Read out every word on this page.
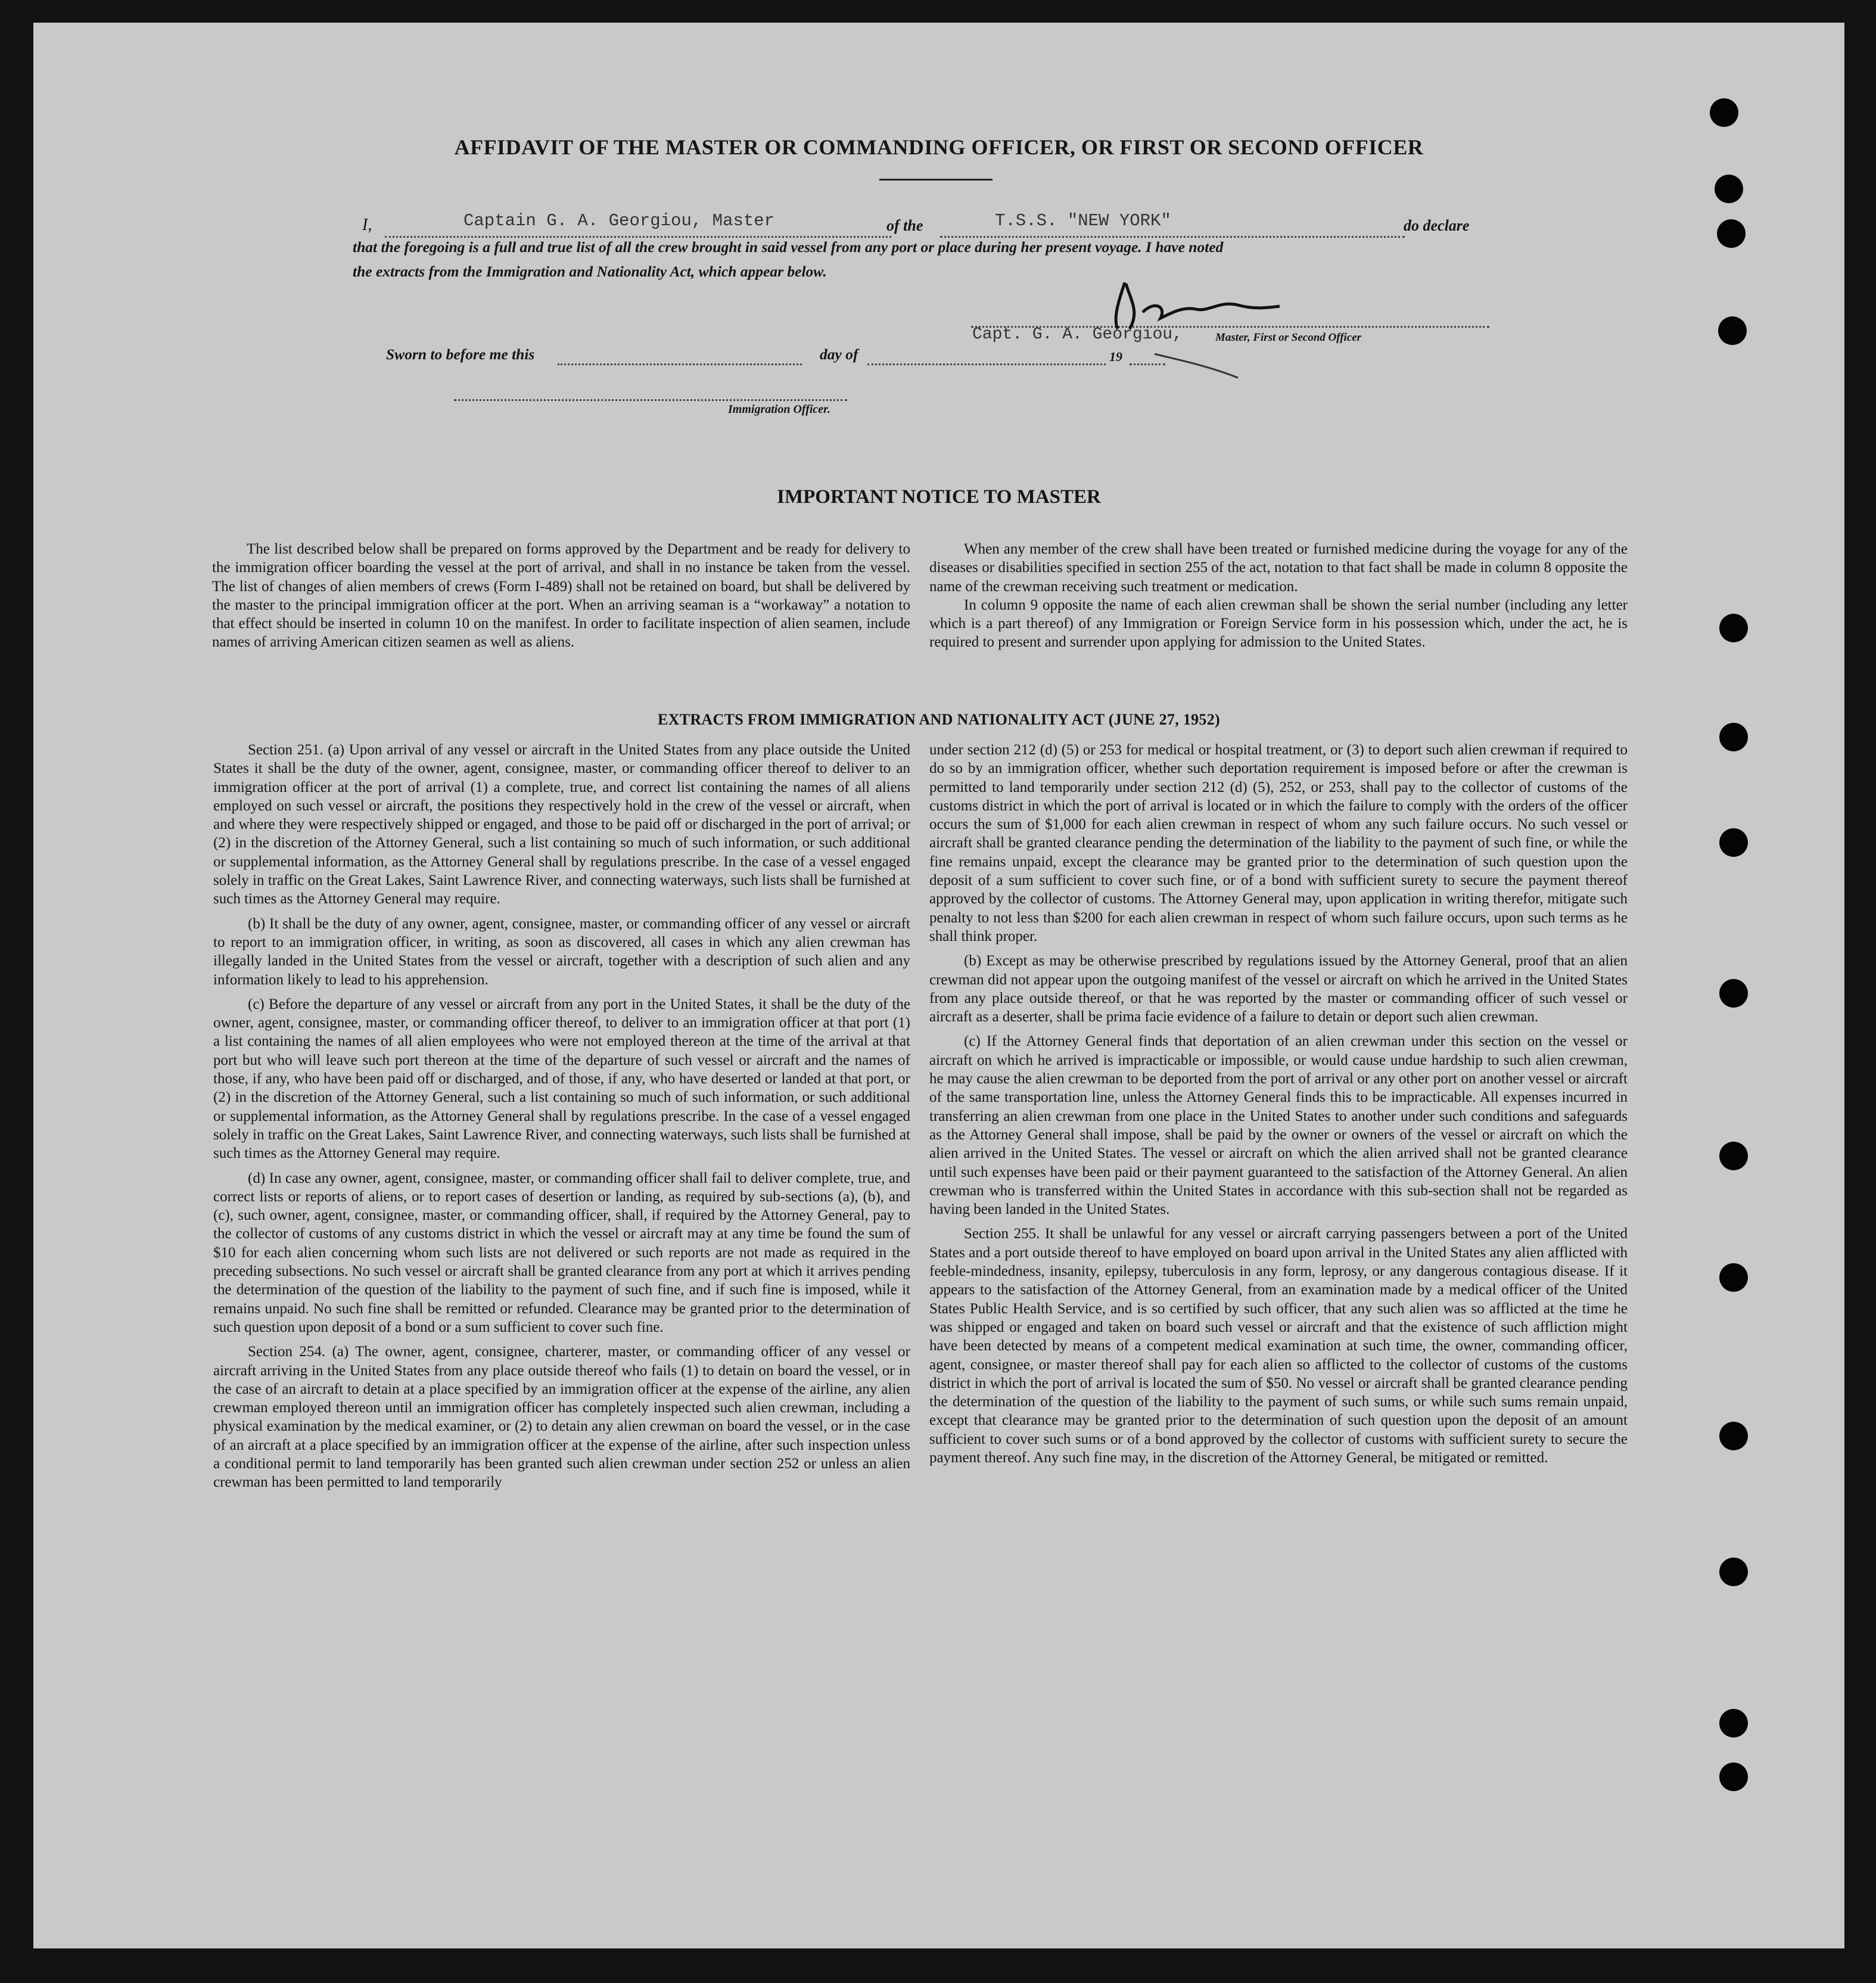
AFFIDAVIT OF THE MASTER OR COMMANDING OFFICER, OR FIRST OR SECOND OFFICER
I,	Captain G. A. Georgiou, Master	of the	T.S.S. "NEW YORK"	do declare
that the foregoing is a full and true list of all the crew brought in said vessel from any port or place during her present voyage. I have noted
the extracts from the Immigration and Nationality Act, which appear below.
Capt. G. A. Georgiou,	Master, First or Second Officer
Sworn to before me this	day of	19
Immigration Officer.
IMPORTANT NOTICE TO MASTER

The list described below shall be prepared on forms approved by the Department and be ready for delivery to the immigration officer boarding the vessel at the port of arrival, and shall in no instance be taken from the vessel. The list of changes of alien members of crews (Form I-489) shall not be retained on board, but shall be delivered by the master to the principal immigration officer at the port. When an arriving seaman is a “workaway” a notation to that effect should be inserted in column 10 on the manifest. In order to facilitate inspection of alien seamen, include names of arriving American citizen seamen as well as aliens.

When any member of the crew shall have been treated or furnished medicine during the voyage for any of the diseases or disabilities specified in section 255 of the act, notation to that fact shall be made in column 8 opposite the name of the crewman receiving such treatment or medication.

In column 9 opposite the name of each alien crewman shall be shown the serial number (including any letter which is a part thereof) of any Immigration or Foreign Service form in his possession which, under the act, he is required to present and surrender upon applying for admission to the United States.

EXTRACTS FROM IMMIGRATION AND NATIONALITY ACT (JUNE 27, 1952)

Section 251. (a) Upon arrival of any vessel or aircraft in the United States from any place outside the United States it shall be the duty of the owner, agent, consignee, master, or commanding officer thereof to deliver to an immigration officer at the port of arrival (1) a complete, true, and correct list containing the names of all aliens employed on such vessel or aircraft, the positions they respectively hold in the crew of the vessel or aircraft, when and where they were respectively shipped or engaged, and those to be paid off or discharged in the port of arrival; or (2) in the discretion of the Attorney General, such a list containing so much of such information, or such additional or supplemental information, as the Attorney General shall by regulations prescribe. In the case of a vessel engaged solely in traffic on the Great Lakes, Saint Lawrence River, and connecting waterways, such lists shall be furnished at such times as the Attorney General may require.

(b) It shall be the duty of any owner, agent, consignee, master, or commanding officer of any vessel or aircraft to report to an immigration officer, in writing, as soon as discovered, all cases in which any alien crewman has illegally landed in the United States from the vessel or aircraft, together with a description of such alien and any information likely to lead to his apprehension.

(c) Before the departure of any vessel or aircraft from any port in the United States, it shall be the duty of the owner, agent, consignee, master, or commanding officer thereof, to deliver to an immigration officer at that port (1) a list containing the names of all alien employees who were not employed thereon at the time of the arrival at that port but who will leave such port thereon at the time of the departure of such vessel or aircraft and the names of those, if any, who have been paid off or discharged, and of those, if any, who have deserted or landed at that port, or (2) in the discretion of the Attorney General, such a list containing so much of such information, or such additional or supplemental information, as the Attorney General shall by regulations prescribe. In the case of a vessel engaged solely in traffic on the Great Lakes, Saint Lawrence River, and connecting waterways, such lists shall be furnished at such times as the Attorney General may require.

(d) In case any owner, agent, consignee, master, or commanding officer shall fail to deliver complete, true, and correct lists or reports of aliens, or to report cases of desertion or landing, as required by sub-sections (a), (b), and (c), such owner, agent, consignee, master, or commanding officer, shall, if required by the Attorney General, pay to the collector of customs of any customs district in which the vessel or aircraft may at any time be found the sum of $10 for each alien concerning whom such lists are not delivered or such reports are not made as required in the preceding subsections. No such vessel or aircraft shall be granted clearance from any port at which it arrives pending the determination of the question of the liability to the payment of such fine, and if such fine is imposed, while it remains unpaid. No such fine shall be remitted or refunded. Clearance may be granted prior to the determination of such question upon deposit of a bond or a sum sufficient to cover such fine.

Section 254. (a) The owner, agent, consignee, charterer, master, or commanding officer of any vessel or aircraft arriving in the United States from any place outside thereof who fails (1) to detain on board the vessel, or in the case of an aircraft to detain at a place specified by an immigration officer at the expense of the airline, any alien crewman employed thereon until an immigration officer has completely inspected such alien crewman, including a physical examination by the medical examiner, or (2) to detain any alien crewman on board the vessel, or in the case of an aircraft at a place specified by an immigration officer at the expense of the airline, after such inspection unless a conditional permit to land temporarily has been granted such alien crewman under section 252 or unless an alien crewman has been permitted to land temporarily

under section 212 (d) (5) or 253 for medical or hospital treatment, or (3) to deport such alien crewman if required to do so by an immigration officer, whether such deportation requirement is imposed before or after the crewman is permitted to land temporarily under section 212 (d) (5), 252, or 253, shall pay to the collector of customs of the customs district in which the port of arrival is located or in which the failure to comply with the orders of the officer occurs the sum of $1,000 for each alien crewman in respect of whom any such failure occurs. No such vessel or aircraft shall be granted clearance pending the determination of the liability to the payment of such fine, or while the fine remains unpaid, except the clearance may be granted prior to the determination of such question upon the deposit of a sum sufficient to cover such fine, or of a bond with sufficient surety to secure the payment thereof approved by the collector of customs. The Attorney General may, upon application in writing therefor, mitigate such penalty to not less than $200 for each alien crewman in respect of whom such failure occurs, upon such terms as he shall think proper.

(b) Except as may be otherwise prescribed by regulations issued by the Attorney General, proof that an alien crewman did not appear upon the outgoing manifest of the vessel or aircraft on which he arrived in the United States from any place outside thereof, or that he was reported by the master or commanding officer of such vessel or aircraft as a deserter, shall be prima facie evidence of a failure to detain or deport such alien crewman.

(c) If the Attorney General finds that deportation of an alien crewman under this section on the vessel or aircraft on which he arrived is impracticable or impossible, or would cause undue hardship to such alien crewman, he may cause the alien crewman to be deported from the port of arrival or any other port on another vessel or aircraft of the same transportation line, unless the Attorney General finds this to be impracticable. All expenses incurred in transferring an alien crewman from one place in the United States to another under such conditions and safeguards as the Attorney General shall impose, shall be paid by the owner or owners of the vessel or aircraft on which the alien arrived in the United States. The vessel or aircraft on which the alien arrived shall not be granted clearance until such expenses have been paid or their payment guaranteed to the satisfaction of the Attorney General. An alien crewman who is transferred within the United States in accordance with this sub-section shall not be regarded as having been landed in the United States.

Section 255. It shall be unlawful for any vessel or aircraft carrying passengers between a port of the United States and a port outside thereof to have employed on board upon arrival in the United States any alien afflicted with feeble-mindedness, insanity, epilepsy, tuberculosis in any form, leprosy, or any dangerous contagious disease. If it appears to the satisfaction of the Attorney General, from an examination made by a medical officer of the United States Public Health Service, and is so certified by such officer, that any such alien was so afflicted at the time he was shipped or engaged and taken on board such vessel or aircraft and that the existence of such affliction might have been detected by means of a competent medical examination at such time, the owner, commanding officer, agent, consignee, or master thereof shall pay for each alien so afflicted to the collector of customs of the customs district in which the port of arrival is located the sum of $50. No vessel or aircraft shall be granted clearance pending the determination of the question of the liability to the payment of such sums, or while such sums remain unpaid, except that clearance may be granted prior to the determination of such question upon the deposit of an amount sufficient to cover such sums or of a bond approved by the collector of customs with sufficient surety to secure the payment thereof. Any such fine may, in the discretion of the Attorney General, be mitigated or remitted.
